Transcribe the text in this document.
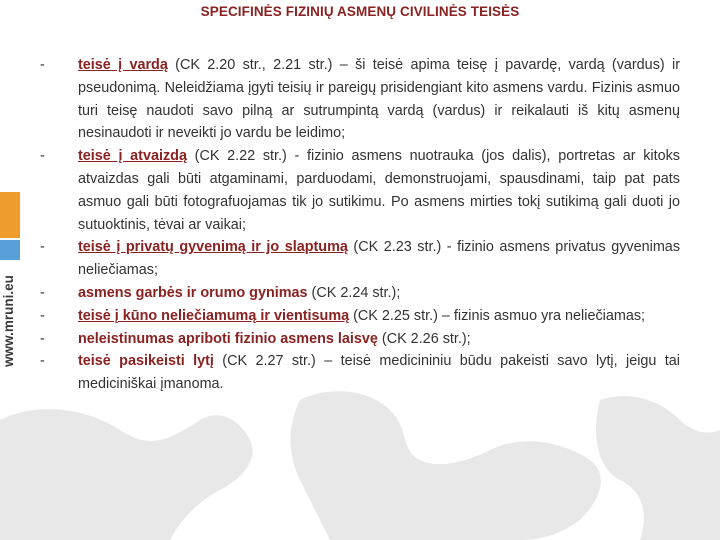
www.mruni.eu
SPECIFINĖS FIZINIŲ ASMENŲ CIVILINĖS TEISĖS
- teisė į vardą (CK 2.20 str., 2.21 str.) – ši teisė apima teisę į pavardę, vardą (vardus) ir pseudonimą. Neleidžiama įgyti teisių ir pareigų prisidengiant kito asmens vardu. Fizinis asmuo turi teisę naudoti savo pilną ar sutrumpintą vardą (vardus) ir reikalauti iš kitų asmenų nesinaudoti ir neveikti jo vardu be leidimo;
- teisė į atvaizdą (CK 2.22 str.) - fizinio asmens nuotrauka (jos dalis), portretas ar kitoks atvaizdas gali būti atgaminami, parduodami, demonstruojami, spausdinami, taip pat pats asmuo gali būti fotografuojamas tik jo sutikimu. Po asmens mirties tokį sutikimą gali duoti jo sutuoktinis, tėvai ar vaikai;
- teisė į privatų gyvenimą ir jo slaptumą (CK 2.23 str.) - fizinio asmens privatus gyvenimas neliečiamas;
- asmens garbės ir orumo gynimas (CK 2.24 str.);
- teisė į kūno neliečiamumą ir vientisumą (CK 2.25 str.) – fizinis asmuo yra neliečiamas;
- neleistinumas apriboti fizinio asmens laisvę (CK 2.26 str.);
- teisė pasikeisti lytį (CK 2.27 str.) – teisė medicininiu būdu pakeisti savo lytį, jeigu tai mediciniškai įmanoma.
